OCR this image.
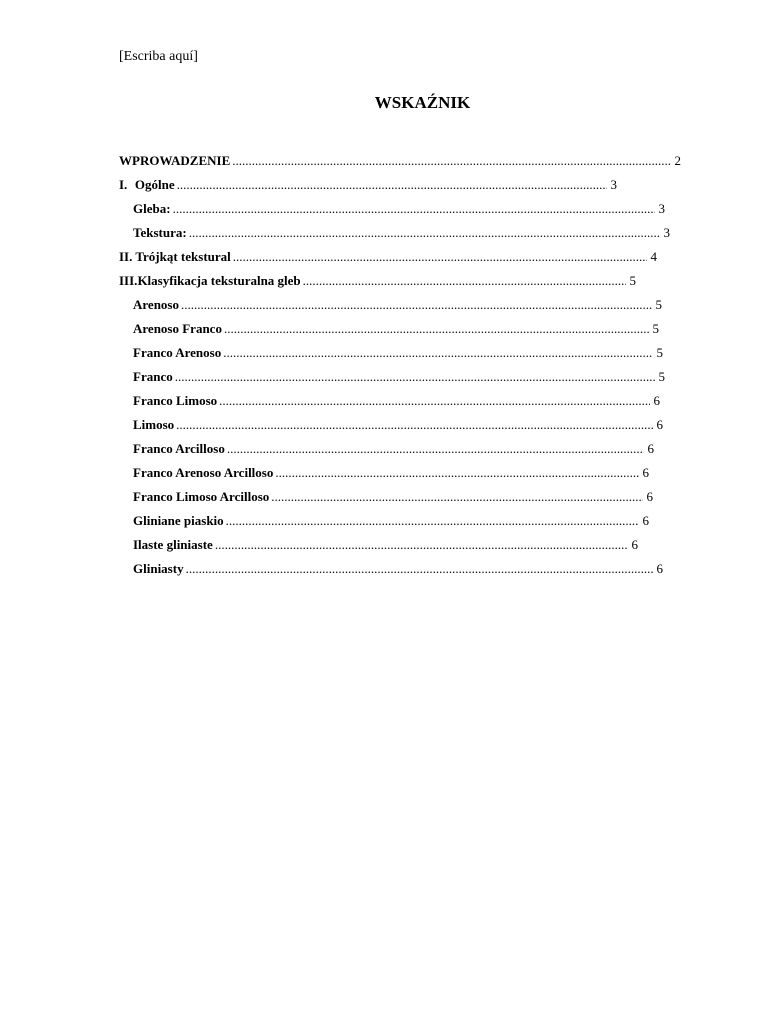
[Escriba aquí]
WSKAŹNIK
WPROWADZENIE .....	2
I. Ogólne .....	3
Gleba: .....	3
Tekstura: .....	3
II. Trójkąt tekstural .....	4
III. Klasyfikacja teksturalna gleb .....	5
Arenoso .....	5
Arenoso Franco .....	5
Franco Arenoso .....	5
Franco .....	5
Franco Limoso .....	6
Limoso .....	6
Franco Arcilloso .....	6
Franco Arenoso Arcilloso .....	6
Franco Limoso Arcilloso .....	6
Gliniane piaskio .....	6
Ilaste gliniaste .....	6
Gliniasty .....	6
